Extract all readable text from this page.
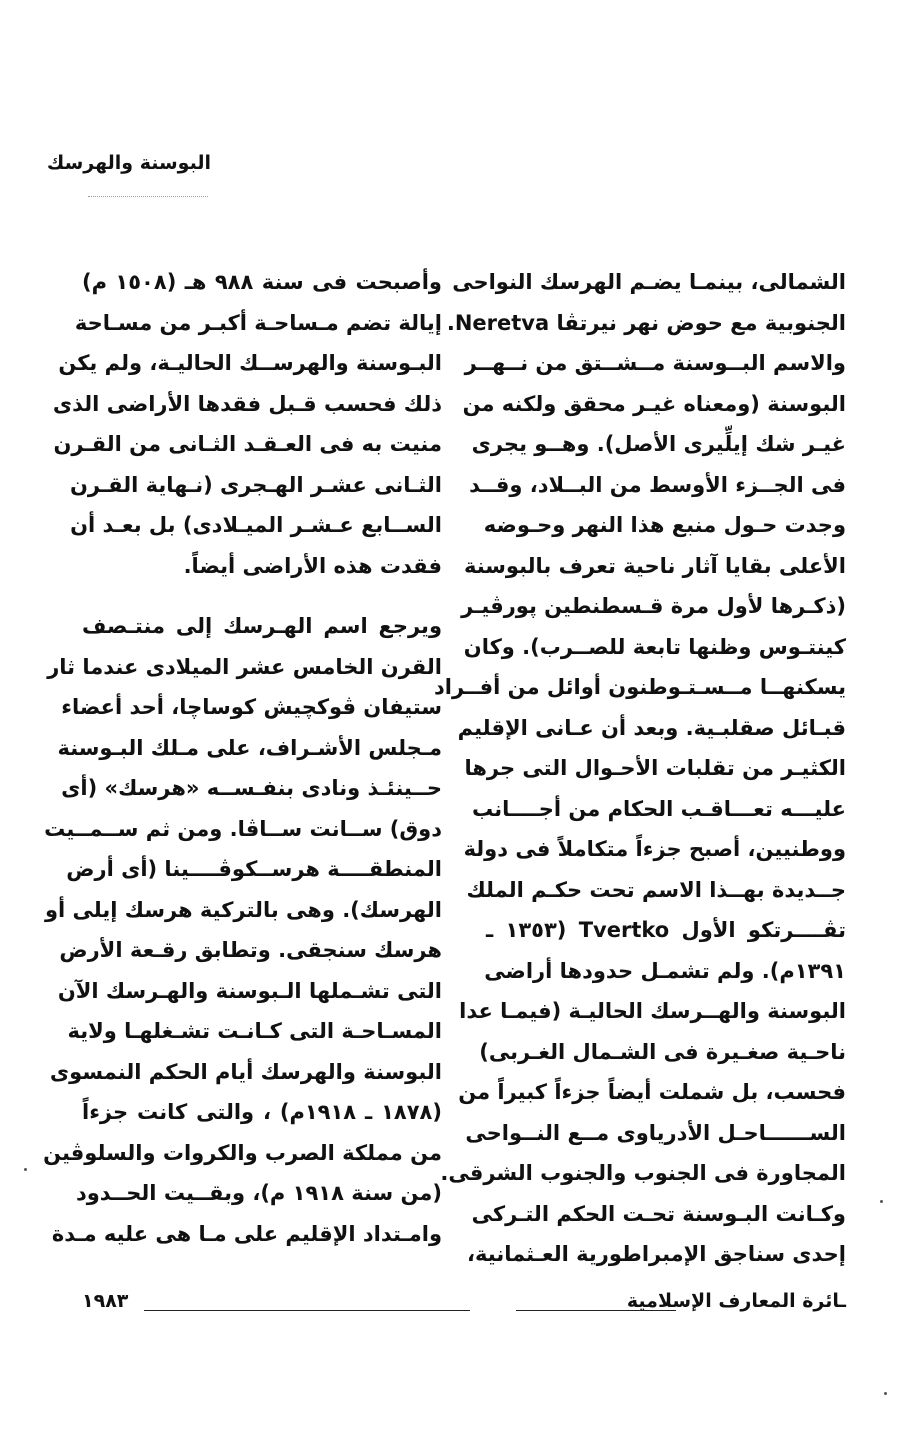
البوسنة والهرسك
الشمالى، بينمـا يضـم الهرسك النواحى
الجنوبية مع حوض نهر نيرتڤا Neretva.
والاسم البــوسنة مــشــتق من نــهــر
البوسنة (ومعناه غيـر محقق ولكنه من
غيـر شك إيلِّيرى الأصل). وهــو يجرى
فى الجــزء الأوسط من البــلاد، وقــد
وجدت حـول منبع هذا النهر وحـوضه
الأعلى بقايا آثار ناحية تعرف بالبوسنة
(ذكـرها لأول مرة قـسطنطين پورڤيـر
كينتـوس وظنها تابعة للصــرب). وكان
يسكنهــا مــسـتـوطنون أوائل من أفــراد
قبـائل صقلبـية. وبعد أن عـانى الإقليم
الكثيـر من تقلبات الأحـوال التى جرها
عليـــه تعـــاقـب الحكام من أجــــانب
ووطنيين، أصبح جزءاً متكاملاً فى دولة
جــديدة بهــذا الاسم تحت حكـم الملك
تڤــــرتكو الأول Tvertko (١٣٥٣ ـ
١٣٩١م). ولم تشمـل حدودها أراضى
البوسنة والهــرسك الحاليـة (فيمـا عدا
ناحـية صغـيرة فى الشـمال الغـربى)
فحسب، بل شملت أيضاً جزءاً كبيراً من
الســــــاحـل الأدرياوى مــع النــواحى
المجاورة فى الجنوب والجنوب الشرقى.
وكـانت البـوسنة تحـت الحكم التـركى
إحدى سناجق الإمبراطورية العـثمانية،
وأصبحت فى سنة ٩٨٨ هـ (١٥٠٨ م)
إيالة تضم مـساحـة أكبـر من مسـاحة
البـوسنة والهرســك الحاليـة، ولم يكن
ذلك فحسب قـبل فقدها الأراضى الذى
منيت به فى العـقـد الثـانى من القـرن
الثـانى عشـر الهـجرى (نـهاية القـرن
الســابع عـشـر الميـلادى) بل بعـد أن
فقدت هذه الأراضى أيضاً.
ويرجع اسم الهـرسك إلى منتـصف
القرن الخامس عشر الميلادى عندما ثار
ستيفان ڤوكچيش كوساچا، أحد أعضاء
مـجلس الأشـراف، على مـلك البـوسنة
حــينئـذ ونادى بنفـســه «هرسك» (أى
دوق) ســانت ســاڤا. ومن ثم ســمــيت
المنطقــــة هرســكوڤــــينا (أى أرض
الهرسك). وهى بالتركية هرسك إيلى أو
هرسك سنجقى. وتطابق رقـعة الأرض
التى تشـملها الـبوسنة والهـرسك الآن
المسـاحـة التى كـانـت تشـغلهـا ولاية
البوسنة والهرسك أيام الحكم النمسوى
(١٨٧٨ ـ ١٩١٨م) ، والتى كانت جزءاً
من مملكة الصرب والكروات والسلوڤين
(من سنة ١٩١٨ م)، وبقــيت الحــدود
وامـتداد الإقليم على مـا هى عليه مـدة
ـائرة المعارف الإسلامية
١٩٨٣
